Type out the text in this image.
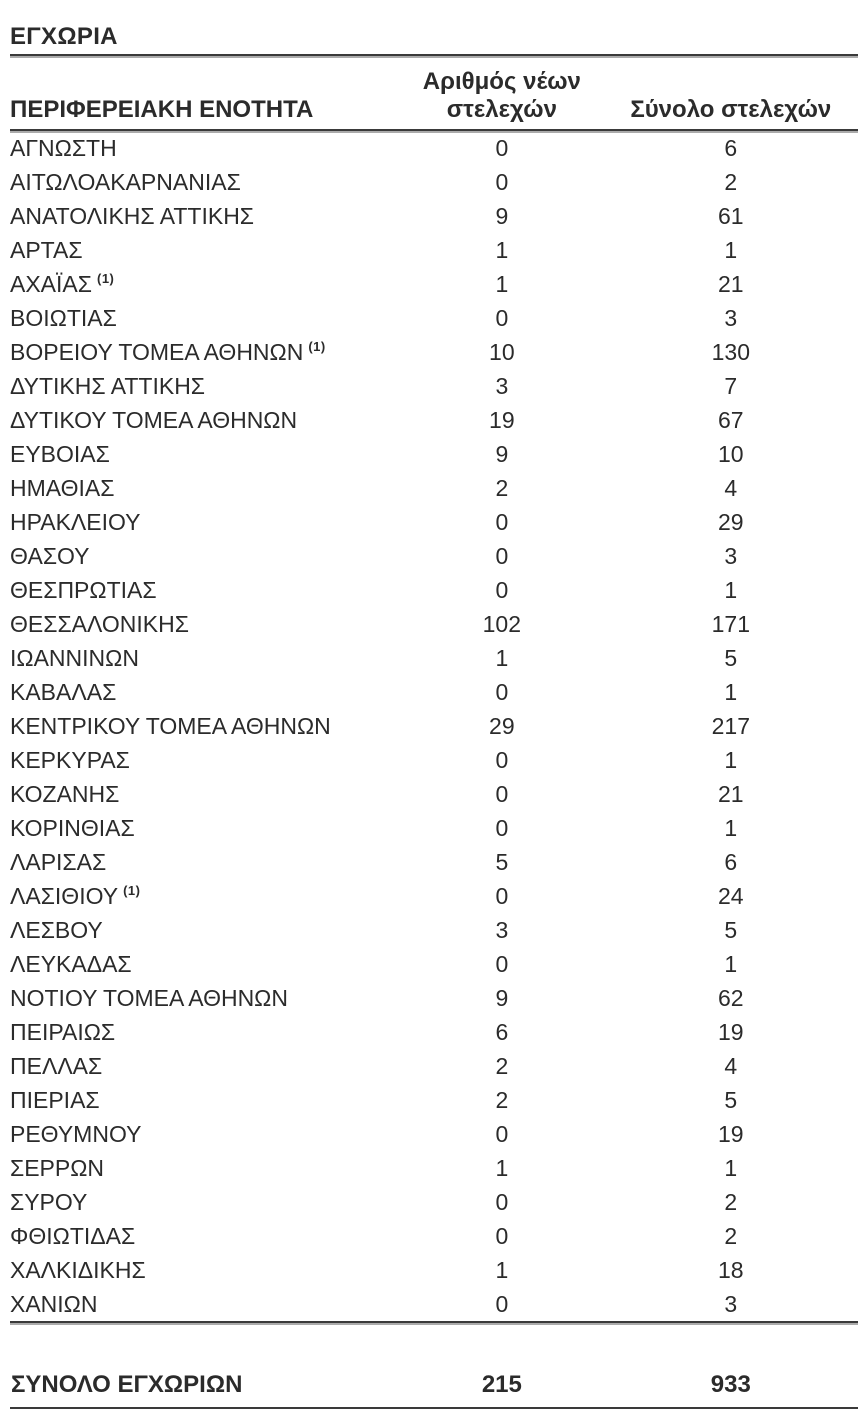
ΕΓΧΩΡΙΑ
ΠΕΡΙΦΕΡΕΙΑΚΗ ΕΝΟΤΗΤΑ	Αριθμός νέων στελεχών	Σύνολο στελεχών
ΑΓΝΩΣΤΗ	0	6
ΑΙΤΩΛΟΑΚΑΡΝΑΝΙΑΣ	0	2
ΑΝΑΤΟΛΙΚΗΣ ΑΤΤΙΚΗΣ	9	61
ΑΡΤΑΣ	1	1
ΑΧΑΪΑΣ $^{(1)}$	1	21
ΒΟΙΩΤΙΑΣ	0	3
ΒΟΡΕΙΟΥ ΤΟΜΕΑ ΑΘΗΝΩΝ $^{(1)}$	10	130
ΔΥΤΙΚΗΣ ΑΤΤΙΚΗΣ	3	7
ΔΥΤΙΚΟΥ ΤΟΜΕΑ ΑΘΗΝΩΝ	19	67
ΕΥΒΟΙΑΣ	9	10
ΗΜΑΘΙΑΣ	2	4
ΗΡΑΚΛΕΙΟΥ	0	29
ΘΑΣΟΥ	0	3
ΘΕΣΠΡΩΤΙΑΣ	0	1
ΘΕΣΣΑΛΟΝΙΚΗΣ	102	171
ΙΩΑΝΝΙΝΩΝ	1	5
ΚΑΒΑΛΑΣ	0	1
ΚΕΝΤΡΙΚΟΥ ΤΟΜΕΑ ΑΘΗΝΩΝ	29	217
ΚΕΡΚΥΡΑΣ	0	1
ΚΟΖΑΝΗΣ	0	21
ΚΟΡΙΝΘΙΑΣ	0	1
ΛΑΡΙΣΑΣ	5	6
ΛΑΣΙΘΙΟΥ $^{(1)}$	0	24
ΛΕΣΒΟΥ	3	5
ΛΕΥΚΑΔΑΣ	0	1
ΝΟΤΙΟΥ ΤΟΜΕΑ ΑΘΗΝΩΝ	9	62
ΠΕΙΡΑΙΩΣ	6	19
ΠΕΛΛΑΣ	2	4
ΠΙΕΡΙΑΣ	2	5
ΡΕΘΥΜΝΟΥ	0	19
ΣΕΡΡΩΝ	1	1
ΣΥΡΟΥ	0	2
ΦΘΙΩΤΙΔΑΣ	0	2
ΧΑΛΚΙΔΙΚΗΣ	1	18
ΧΑΝΙΩΝ	0	3

ΣΥΝΟΛΟ ΕΓΧΩΡΙΩΝ	215	933
